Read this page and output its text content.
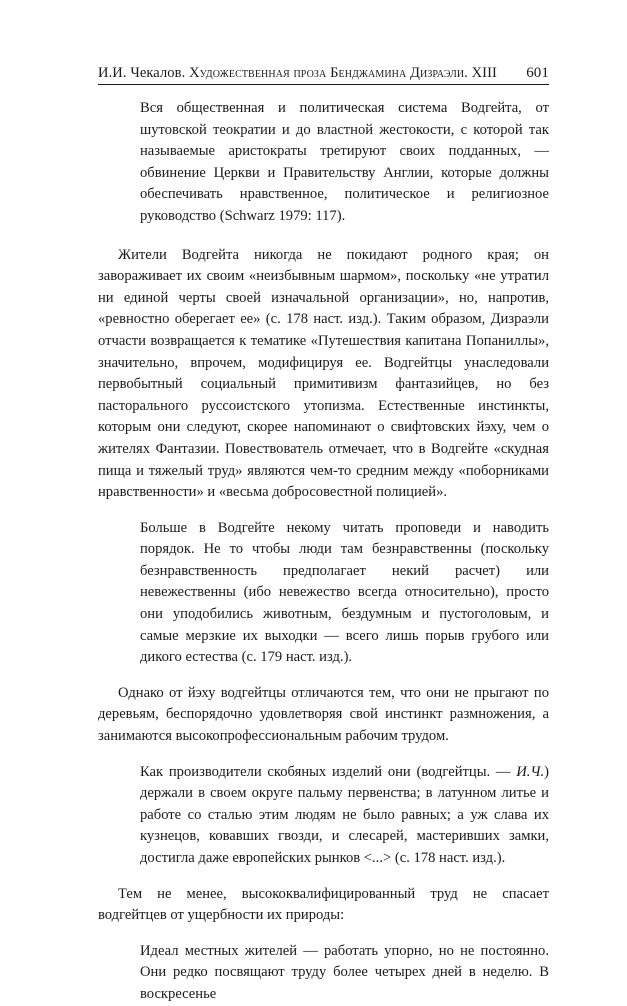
И.И. Чекалов. Художественная проза Бенджамина Дизраэли. XIII 601

Вся общественная и политическая система Водгейта, от шутовской теократии и до властной жестокости, с которой так называемые аристократы третируют своих подданных, — обвинение Церкви и Правительству Англии, которые должны обеспечивать нравственное, политическое и религиозное руководство (Schwarz 1979: 117).

Жители Водгейта никогда не покидают родного края; он завораживает их своим «неизбывным шармом», поскольку «не утратил ни единой черты своей изначальной организации», но, напротив, «ревностно оберегает ее» (с. 178 наст. изд.). Таким образом, Дизраэли отчасти возвращается к тематике «Путешествия капитана Попаниллы», значительно, впрочем, модифицируя ее. Водгейтцы унаследовали первобытный социальный примитивизм фантазийцев, но без пасторального руссоистского утопизма. Естественные инстинкты, которым они следуют, скорее напоминают о свифтовских йэху, чем о жителях Фантазии. Повествователь отмечает, что в Водгейте «скудная пища и тяжелый труд» являются чем-то средним между «поборниками нравственности» и «весьма добросовестной полицией».

Больше в Водгейте некому читать проповеди и наводить порядок. Не то чтобы люди там безнравственны (поскольку безнравственность предполагает некий расчет) или невежественны (ибо невежество всегда относительно), просто они уподобились животным, бездумным и пустоголовым, и самые мерзкие их выходки — всего лишь порыв грубого или дикого естества (с. 179 наст. изд.).

Однако от йэху водгейтцы отличаются тем, что они не прыгают по деревьям, беспорядочно удовлетворяя свой инстинкт размножения, а занимаются высокопрофессиональным рабочим трудом.

Как производители скобяных изделий они (водгейтцы. — И.Ч.) держали в своем округе пальму первенства; в латунном литье и работе со сталью этим людям не было равных; а уж слава их кузнецов, ковавших гвозди, и слесарей, мастеривших замки, достигла даже европейских рынков <...> (с. 178 наст. изд.).

Тем не менее, высококвалифицированный труд не спасает водгейтцев от ущербности их природы:

Идеал местных жителей — работать упорно, но не постоянно. Они редко посвящают труду более четырех дней в неделю. В воскресенье
